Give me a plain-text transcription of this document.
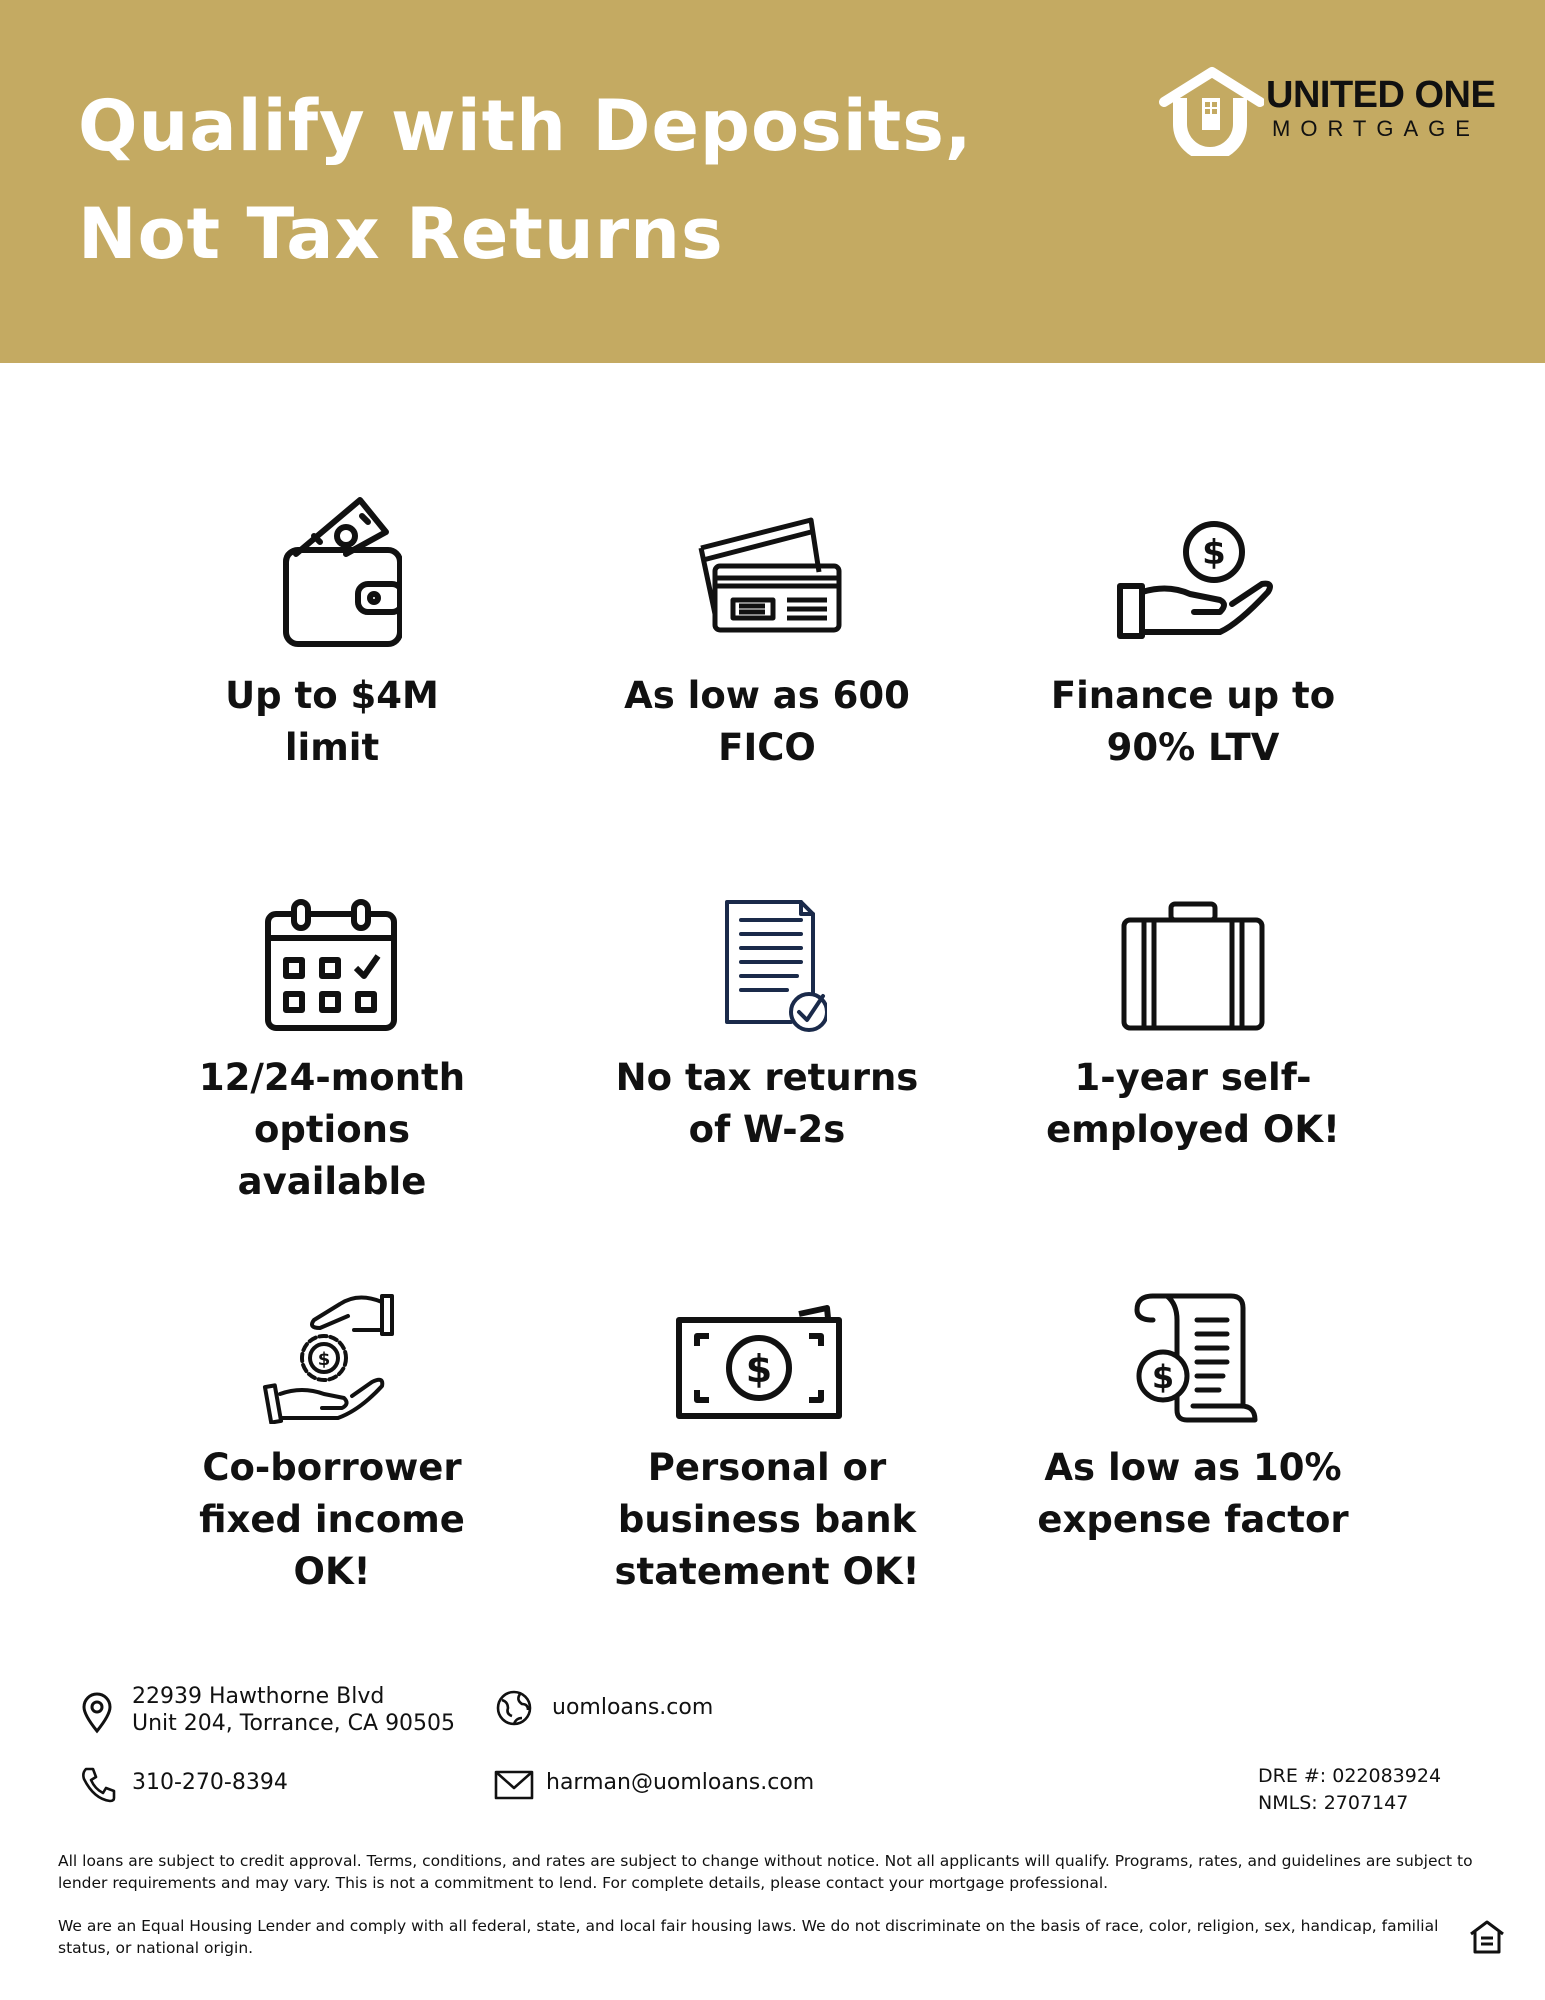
Qualify with Deposits,
Not Tax Returns
UNITED ONE
MORTGAGE
Up to $4M
limit
As low as 600
FICO
$
Finance up to
90% LTV
12/24-month
options
available
No tax returns
of W-2s
1-year self-
employed OK!
$
Co-borrower
fixed income
OK!
$
Personal or
business bank
statement OK!
$
As low as 10%
expense factor
22939 Hawthorne Blvd
Unit 204, Torrance, CA 90505
uomloans.com
310-270-8394	harman@uomloans.com	DRE #: 022083924
NMLS: 2707147

All loans are subject to credit approval. Terms, conditions, and rates are subject to change without notice. Not all applicants will qualify. Programs, rates, and guidelines are subject to lender requirements and may vary. This is not a commitment to lend. For complete details, please contact your mortgage professional.

We are an Equal Housing Lender and comply with all federal, state, and local fair housing laws. We do not discriminate on the basis of race, color, religion, sex, handicap, familial status, or national origin.
